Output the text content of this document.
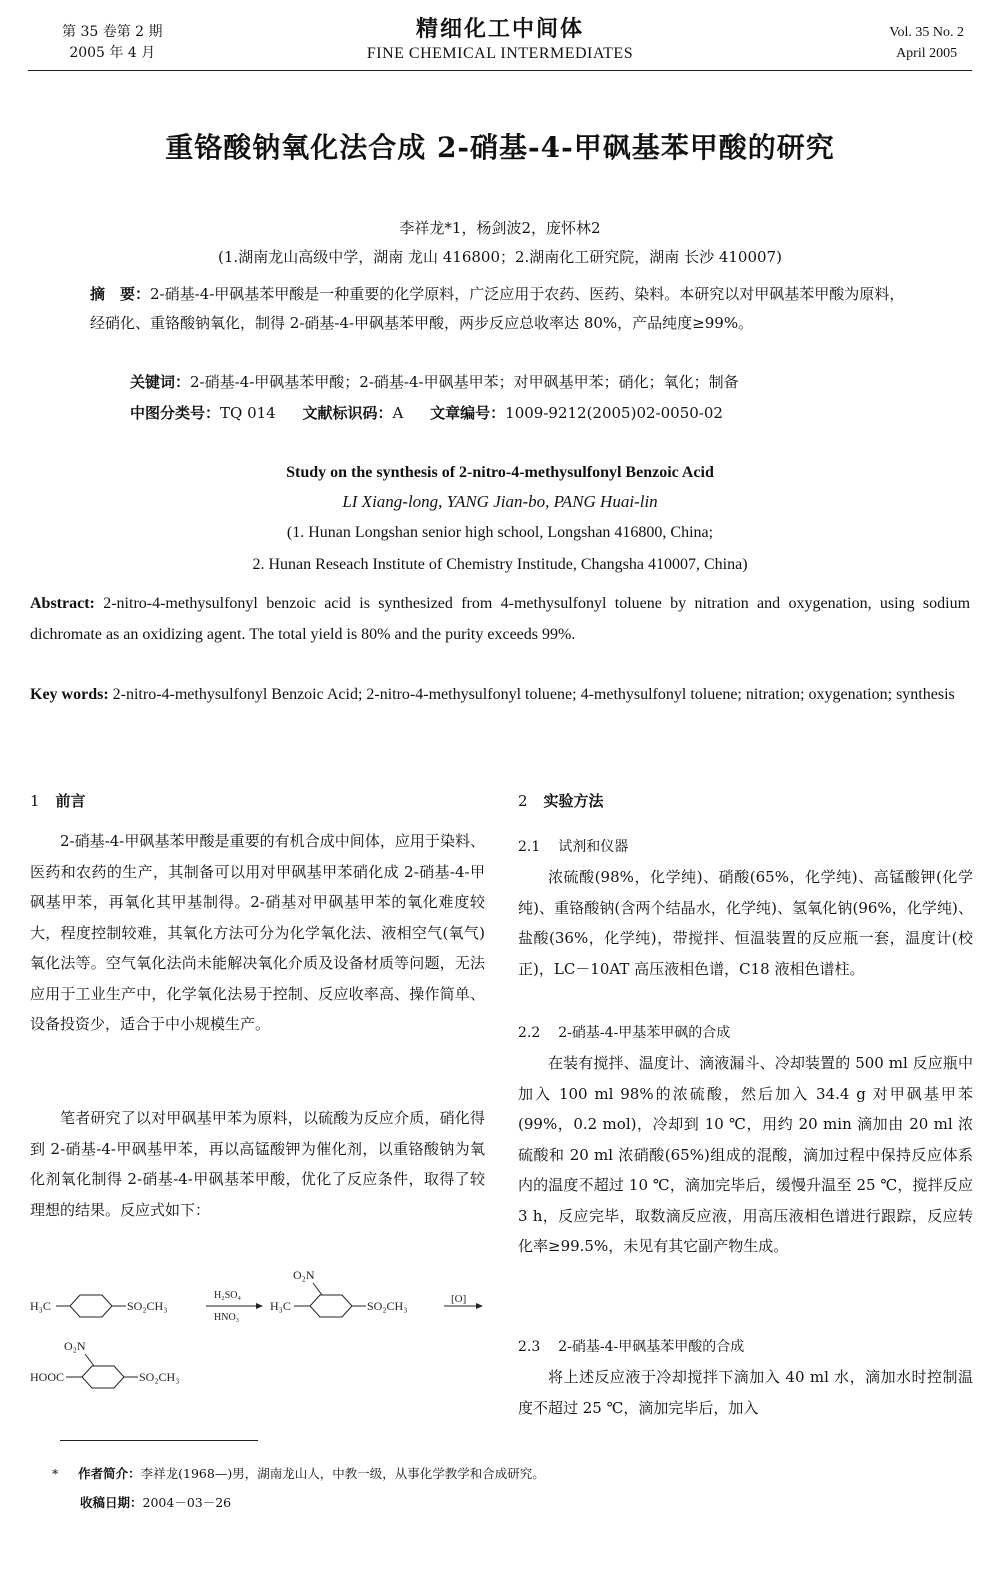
第 35 卷第 2 期
2005 年 4 月
精细化工中间体
FINE CHEMICAL INTERMEDIATES
Vol. 35 No. 2
April 2005
重铬酸钠氧化法合成 2-硝基-4-甲砜基苯甲酸的研究
李祥龙*1，杨剑波2，庞怀林2
(1.湖南龙山高级中学，湖南 龙山 416800；2.湖南化工研究院，湖南 长沙 410007)
摘　要：2-硝基-4-甲砜基苯甲酸是一种重要的化学原料，广泛应用于农药、医药、染料。本研究以对甲砜基苯甲酸为原料，经硝化、重铬酸钠氧化，制得 2-硝基-4-甲砜基苯甲酸，两步反应总收率达 80%，产品纯度≥99%。
关键词：2-硝基-4-甲砜基苯甲酸；2-硝基-4-甲砜基甲苯；对甲砜基甲苯；硝化；氧化；制备
中图分类号：TQ 014 文献标识码：A 文章编号：1009-9212(2005)02-0050-02
Study on the synthesis of 2-nitro-4-methysulfonyl Benzoic Acid
LI Xiang-long, YANG Jian-bo, PANG Huai-lin
(1. Hunan Longshan senior high school, Longshan 416800, China;
2. Hunan Reseach Institute of Chemistry Institude, Changsha 410007, China)
Abstract: 2-nitro-4-methysulfonyl benzoic acid is synthesized from 4-methysulfonyl toluene by nitration and oxygenation, using sodium dichromate as an oxidizing agent. The total yield is 80% and the purity exceeds 99%.
Key words: 2-nitro-4-methysulfonyl Benzoic Acid; 2-nitro-4-methysulfonyl toluene; 4-methysulfonyl toluene; nitration; oxygenation; synthesis
1 前言
2-硝基-4-甲砜基苯甲酸是重要的有机合成中间体，应用于染料、医药和农药的生产，其制备可以用对甲砜基甲苯硝化成 2-硝基-4-甲砜基甲苯，再氧化其甲基制得。2-硝基对甲砜基甲苯的氧化难度较大，程度控制较难，其氧化方法可分为化学氧化法、液相空气(氧气)氧化法等。空气氧化法尚未能解决氧化介质及设备材质等问题，无法应用于工业生产中，化学氧化法易于控制、反应收率高、操作简单、设备投资少，适合于中小规模生产。
笔者研究了以对甲砜基甲苯为原料，以硫酸为反应介质，硝化得到 2-硝基-4-甲砜基甲苯，再以高锰酸钾为催化剂，以重铬酸钠为氧化剂氧化制得 2-硝基-4-甲砜基苯甲酸，优化了反应条件，取得了较理想的结果。反应式如下：
H₃C	SO₂CH₃
H₂SO₄
HNO₃
O₂N
H₃C	SO₂CH₃	[O]
O₂N
HOOC	SO₂CH₃
2 实验方法
2.1 试剂和仪器
浓硫酸(98%，化学纯)、硝酸(65%，化学纯)、高锰酸钾(化学纯)、重铬酸钠(含两个结晶水，化学纯)、氢氧化钠(96%，化学纯)、盐酸(36%，化学纯)，带搅拌、恒温装置的反应瓶一套，温度计(校正)，LC－10AT 高压液相色谱，C18 液相色谱柱。
2.2 2-硝基-4-甲基苯甲砜的合成
在装有搅拌、温度计、滴液漏斗、冷却装置的 500 ml 反应瓶中加入 100 ml 98%的浓硫酸，然后加入 34.4 g 对甲砜基甲苯(99%，0.2 mol)，冷却到 10 ℃，用约 20 min 滴加由 20 ml 浓硫酸和 20 ml 浓硝酸(65%)组成的混酸，滴加过程中保持反应体系内的温度不超过 10 ℃，滴加完毕后，缓慢升温至 25 ℃，搅拌反应 3 h，反应完毕，取数滴反应液，用高压液相色谱进行跟踪，反应转化率≥99.5%，未见有其它副产物生成。
2.3 2-硝基-4-甲砜基苯甲酸的合成
将上述反应液于冷却搅拌下滴加入 40 ml 水，滴加水时控制温度不超过 25 ℃，滴加完毕后，加入
* 作者简介：李祥龙(1968—)男，湖南龙山人，中教一级，从事化学教学和合成研究。
收稿日期：2004－03－26
